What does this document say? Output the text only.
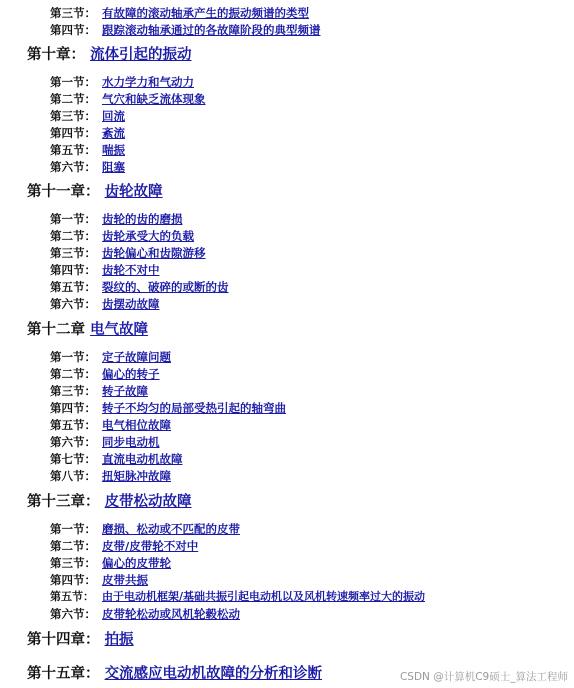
第三节： 有故障的滚动轴承产生的振动频谱的类型
第四节： 跟踪滚动轴承通过的各故障阶段的典型频谱
第十章： 流体引起的振动
第一节： 水力学力和气动力
第二节： 气穴和缺乏流体现象
第三节： 回流
第四节： 紊流
第五节： 喘振
第六节： 阻塞
第十一章： 齿轮故障
第一节： 齿轮的齿的磨损
第二节： 齿轮承受大的负载
第三节： 齿轮偏心和齿隙游移
第四节： 齿轮不对中
第五节： 裂纹的、破碎的或断的齿
第六节： 齿摆动故障
第十二章 电气故障
第一节： 定子故障问题
第二节： 偏心的转子
第三节： 转子故障
第四节： 转子不均匀的局部受热引起的轴弯曲
第五节： 电气相位故障
第六节： 同步电动机
第七节： 直流电动机故障
第八节： 扭矩脉冲故障
第十三章： 皮带松动故障
第一节： 磨损、松动或不匹配的皮带
第二节： 皮带/皮带轮不对中
第三节： 偏心的皮带轮
第四节： 皮带共振
第五节： 由于电动机框架/基础共振引起电动机以及风机转速频率过大的振动
第六节： 皮带轮松动或风机轮毂松动
第十四章： 拍振
第十五章： 交流感应电动机故障的分析和诊断	CSDN @计算机C9硕士_算法工程师
